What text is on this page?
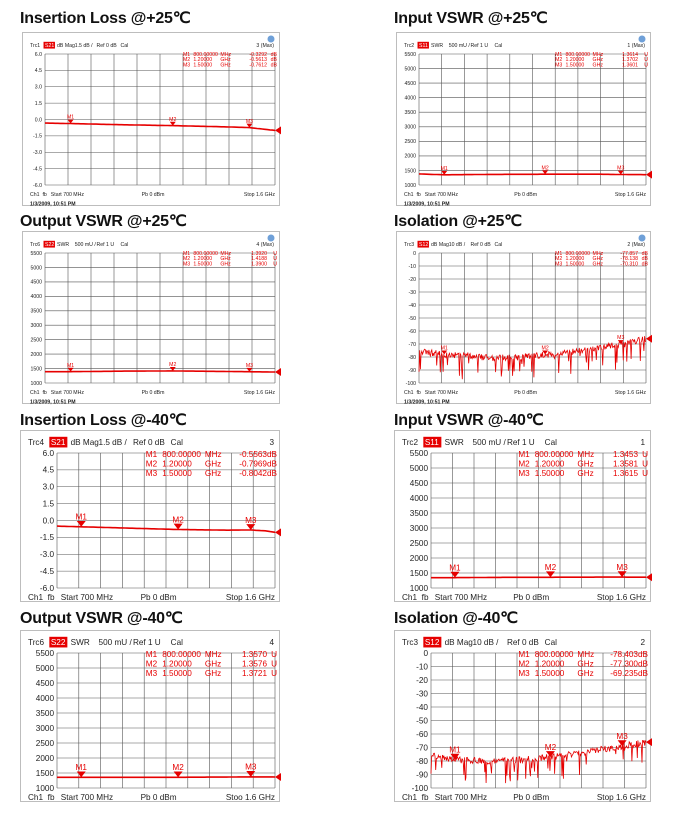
Insertion Loss @+25℃	Input VSWR @+25℃
Output VSWR @+25℃	Isolation @+25℃
Insertion Loss @-40℃	Input VSWR @-40℃
Output VSWR @-40℃	Isolation @-40℃
Trc1 S21 dB Mag 1.5 dB / Ref 0 dB Cal	3 (Max)
6.0
4.5
3.0
1.5
0.0
-1.5
-3.0
-4.5
-6.0
M1 800.00000 MHz	-0.3292 dB
M2 1.20000 GHz	-0.5613 dB
M3 1.50000 GHz	-0.7612 dB
M1	M2	M3
Ch1 fb Start 700 MHz	Pb 0 dBm	Stop 1.6 GHz
1/3/2009, 10:51 PM
Trc2 S11 SWR 500 mU / Ref 1 U Cal	1 (Max)
5500
5000
4500
4000
3500
3000
2500
2000
1500
1000
M1 800.00000 MHz	1.3614 U
M2 1.20000 GHz	1.3702 U
M3 1.50000 GHz	1.3601 U
M1	M2	M3
Ch1 fb Start 700 MHz	Pb 0 dBm	Stop 1.6 GHz
1/3/2009, 10:51 PM
Trc6 S22 SWR 500 mU / Ref 1 U Cal	4 (Max)
5500
5000
4500
4000
3500
3000
2500
2000
1500
1000
M1 800.00000 MHz	1.3920 U
M2 1.20000 GHz	1.4188 U
M3 1.50000 GHz	1.3900 U
M1	M2	M3
Ch1 fb Start 700 MHz	Pb 0 dBm	Stop 1.6 GHz
1/3/2009, 10:51 PM
Trc3 S12 dB Mag 10 dB / Ref 0 dB Cal	2 (Max)
0
-10
-20
-30
-40
-50
-60
-70
-80
-90
-100
M1 800.00000 MHz	-77.857 dB
M2 1.20000 GHz	-78.138 dB
M3 1.50000 GHz	-70.310 dB
M1	M2
M3
Ch1 fb Start 700 MHz	Pb 0 dBm	Stop 1.6 GHz
1/3/2009, 10:51 PM
Trc4 S21 dB Mag 1.5 dB / Ref 0 dB Cal	3
6.0
4.5
3.0
1.5
0.0
-1.5
-3.0
-4.5
-6.0
M1 800.00000 MHz -0.5563 dB
M2 1.20000 GHz -0.7969 dB
M3 1.50000 GHz -0.8042 dB
M1	M2	M3
Ch1 fb Start 700 MHz	Pb 0 dBm	Stop 1.6 GHz
Trc2 S11 SWR 500 mU / Ref 1 U Cal	1
5500
5000
4500
4000
3500
3000
2500
2000
1500
1000
M1 800.00000 MHz 1.3453 U
M2 1.20000 GHz 1.3581 U
M3 1.50000 GHz 1.3615 U
M1	M2	M3
Ch1 fb Start 700 MHz	Pb 0 dBm	Stop 1.6 GHz
Trc6 S22 SWR 500 mU / Ref 1 U Cal	4
5500
5000
4500
4000
3500
3000
2500
2000
1500
1000
M1 800.00000 MHz 1.3570 U
M2 1.20000 GHz	1.3576 U
M3 1.50000 GHz	1.3721 U
M1	M2	M3
Ch1 fb Start 700 MHz	Pb 0 dBm	Stoo 1.6 GHz
Trc3 S12 dB Mag 10 dB / Ref 0 dB Cal	2
0
-10
-20
-30
-40
-50
-60
-70
-80
-90
-100
M1 800.00000 MHz -78.403 dB
M2 1.20000 GHz -77.300 dB
M3 1.50000 GHz -69.235 dB
M1	M2
M3
Ch1 fb Start 700 MHz	Pb 0 dBm	Stop 1.6 GHz
